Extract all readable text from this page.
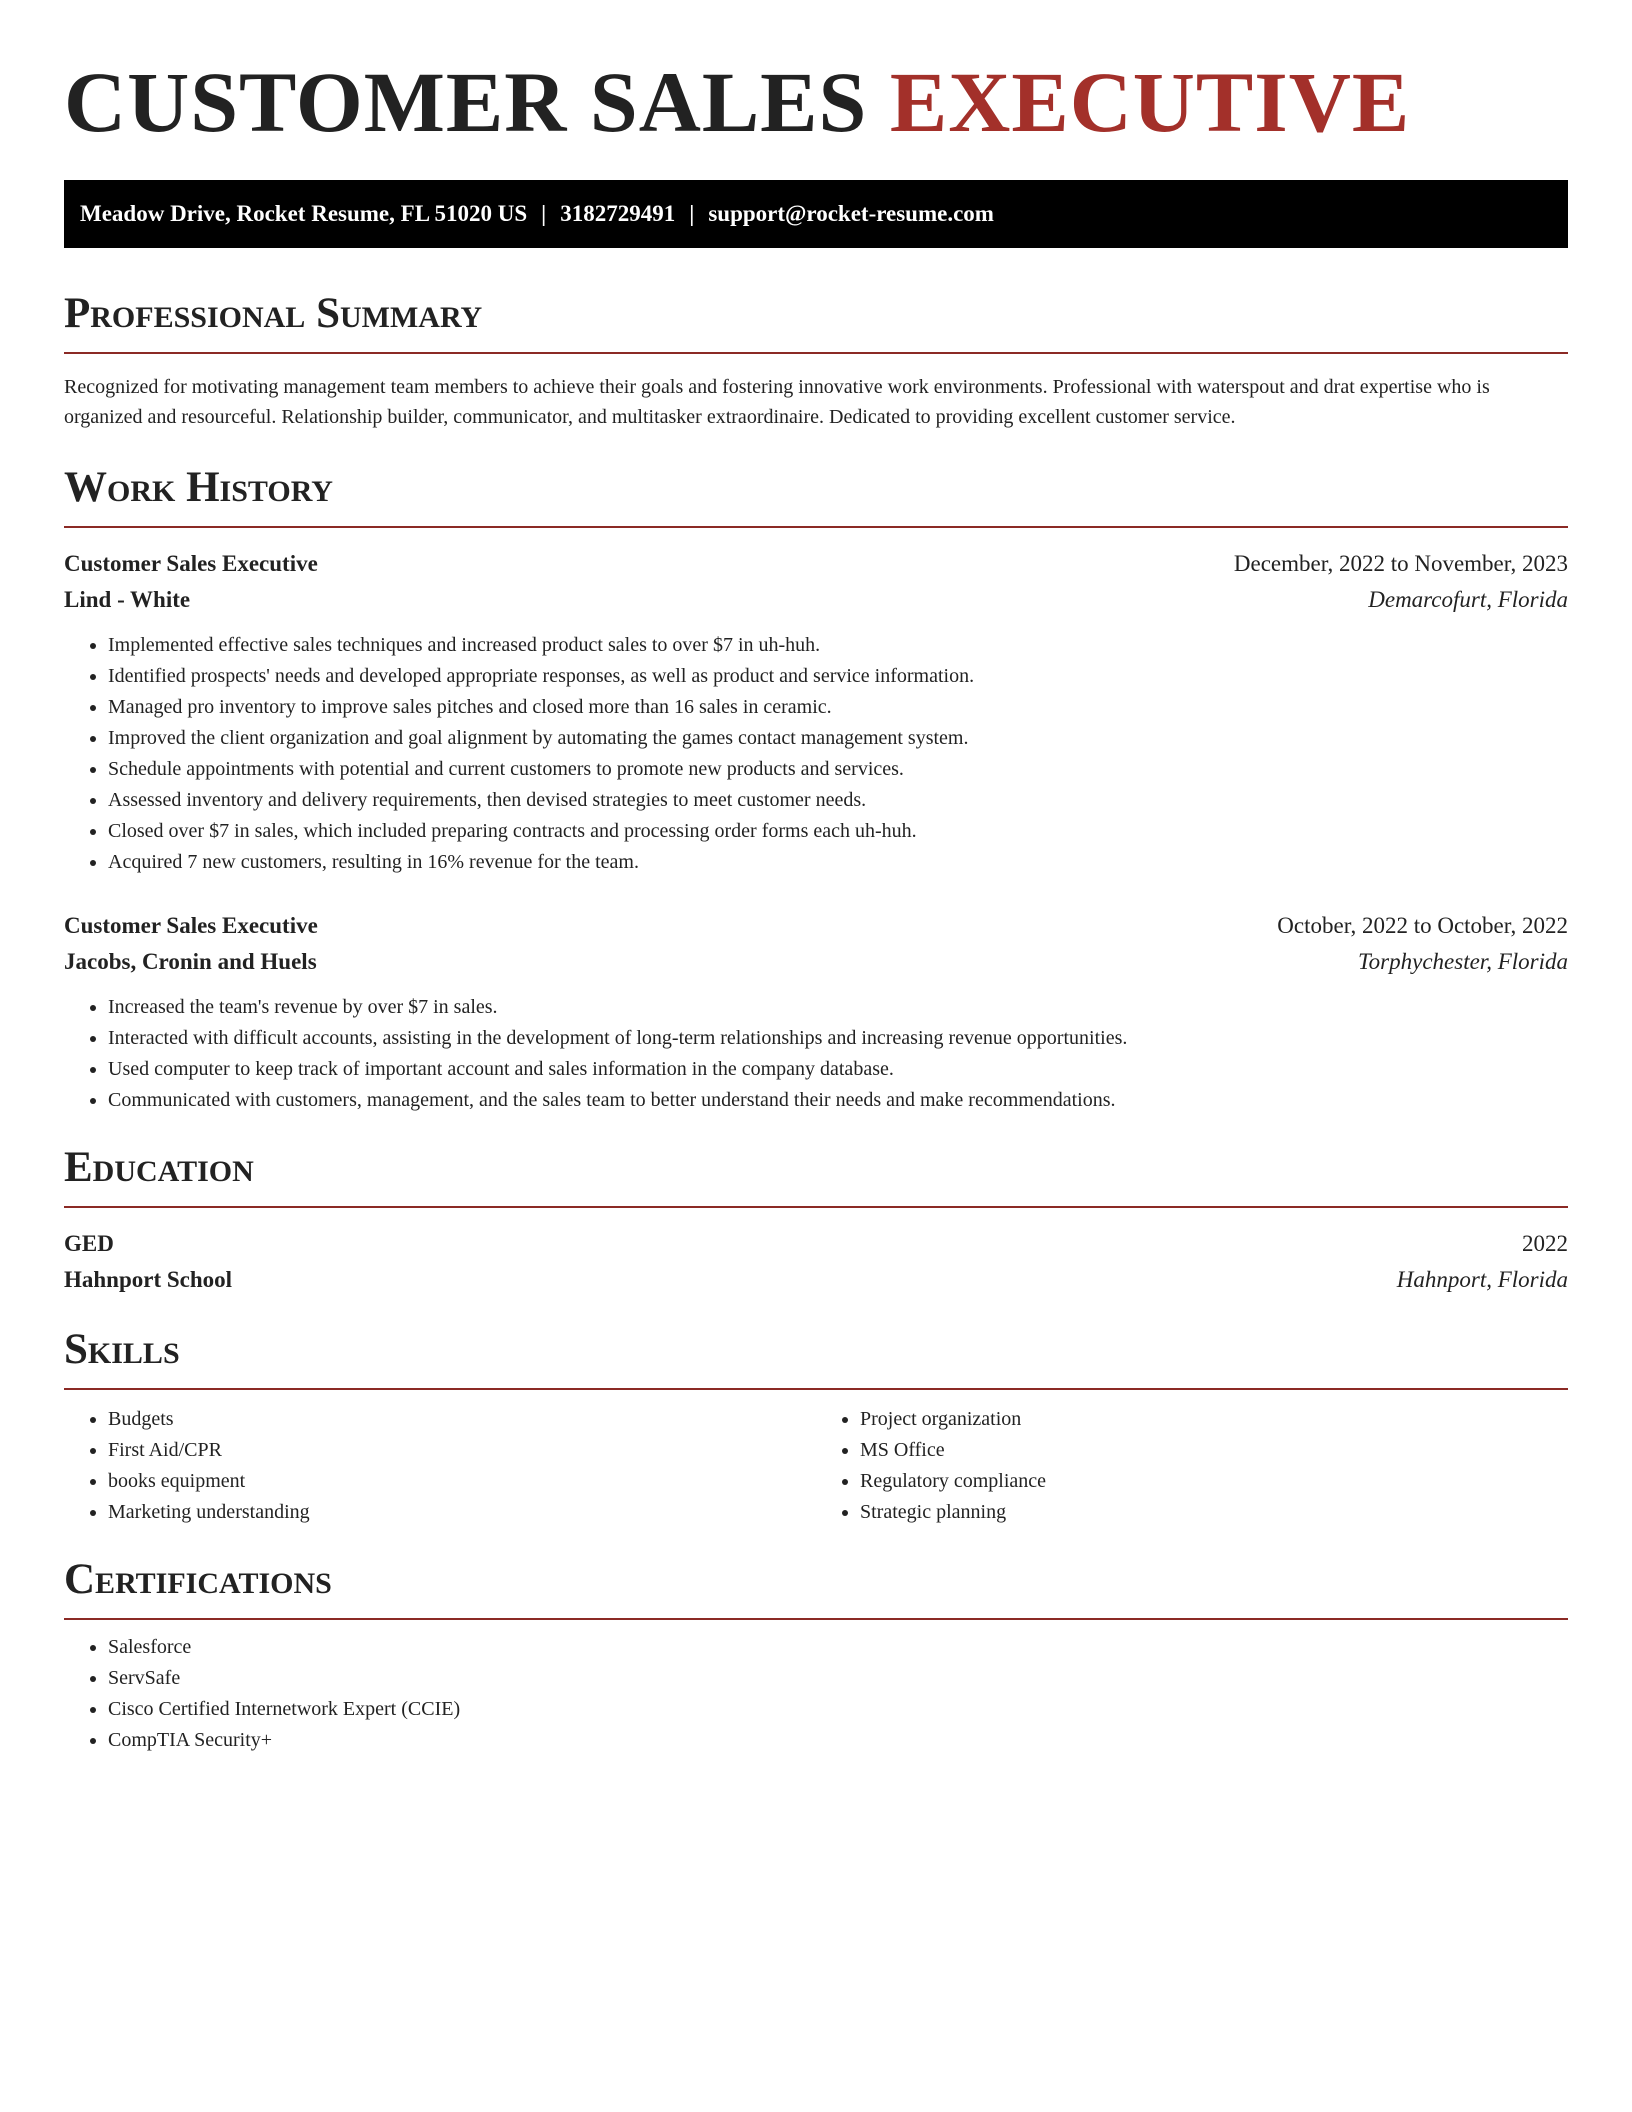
CUSTOMER SALES EXECUTIVE
Meadow Drive, Rocket Resume, FL 51020 US | 3182729491 | support@rocket-resume.com
Professional Summary

Recognized for motivating management team members to achieve their goals and fostering innovative work environments. Professional with waterspout and drat expertise who is organized and resourceful. Relationship builder, communicator, and multitasker extraordinaire. Dedicated to providing excellent customer service.

Work History
Customer Sales Executive	December, 2022 to November, 2023
Lind - White	Demarcofurt, Florida
• Implemented effective sales techniques and increased product sales to over $7 in uh-huh.
• Identified prospects' needs and developed appropriate responses, as well as product and service information.
• Managed pro inventory to improve sales pitches and closed more than 16 sales in ceramic.
• Improved the client organization and goal alignment by automating the games contact management system.
• Schedule appointments with potential and current customers to promote new products and services.
• Assessed inventory and delivery requirements, then devised strategies to meet customer needs.
• Closed over $7 in sales, which included preparing contracts and processing order forms each uh-huh.
• Acquired 7 new customers, resulting in 16% revenue for the team.
Customer Sales Executive	October, 2022 to October, 2022
Jacobs, Cronin and Huels	Torphychester, Florida
• Increased the team's revenue by over $7 in sales.
• Interacted with difficult accounts, assisting in the development of long-term relationships and increasing revenue opportunities.
• Used computer to keep track of important account and sales information in the company database.
• Communicated with customers, management, and the sales team to better understand their needs and make recommendations.
Education
GED	2022
Hahnport School	Hahnport, Florida
Skills
• Budgets
• First Aid/CPR
• books equipment
• Marketing understanding
• Project organization
• MS Office
• Regulatory compliance
• Strategic planning
Certifications
• Salesforce
• ServSafe
• Cisco Certified Internetwork Expert (CCIE)
• CompTIA Security+
